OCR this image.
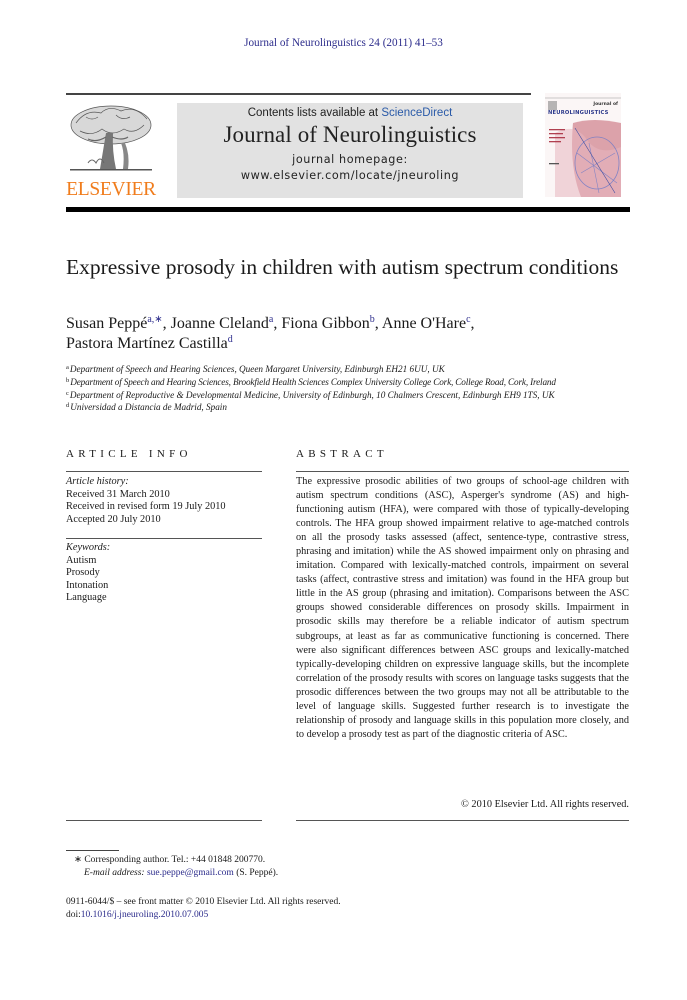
Journal of Neurolinguistics 24 (2011) 41–53
ELSEVIER
Contents lists available at ScienceDirect
Journal of Neurolinguistics
journal homepage: www.elsevier.com/locate/jneuroling
Journal of
NEUROLINGUISTICS
Expressive prosody in children with autism spectrum conditions
Susan Peppé$^{a,∗}$, Joanne Cleland$^a$, Fiona Gibbon$^b$, Anne O'Hare$^c$,
Pastora Martínez Castilla$^d$
$^a$Department of Speech and Hearing Sciences, Queen Margaret University, Edinburgh EH21 6UU, UK
$^b$Department of Speech and Hearing Sciences, Brookfield Health Sciences Complex University College Cork, College Road, Cork, Ireland
$^c$Department of Reproductive & Developmental Medicine, University of Edinburgh, 10 Chalmers Crescent, Edinburgh EH9 1TS, UK
$^d$Universidad a Distancia de Madrid, Spain
ARTICLE INFO
Article history:
Received 31 March 2010
Received in revised form 19 July 2010
Accepted 20 July 2010
Keywords:
Autism
Prosody
Intonation
Language
ABSTRACT

The expressive prosodic abilities of two groups of school-age children with autism spectrum conditions (ASC), Asperger's syndrome (AS) and high-functioning autism (HFA), were compared with those of typically-developing controls. The HFA group showed impairment relative to age-matched controls on all the prosody tasks assessed (affect, sentence-type, contrastive stress, phrasing and imitation) while the AS showed impairment only on phrasing and imitation. Compared with lexically-matched controls, impairment on several tasks (affect, contrastive stress and imitation) was found in the HFA group but little in the AS group (phrasing and imitation). Comparisons between the ASC groups showed considerable differences on prosody skills. Impairment in prosodic skills may therefore be a reliable indicator of autism spectrum subgroups, at least as far as communicative functioning is concerned. There were also significant differences between ASC groups and lexically-matched typically-developing children on expressive language skills, but the incomplete correlation of the prosody results with scores on language tasks suggests that the prosodic differences between the two groups may not all be attributable to the level of language skills. Suggested further research is to investigate the relationship of prosody and language skills in this population more closely, and to develop a prosody test as part of the diagnostic criteria of ASC.

© 2010 Elsevier Ltd. All rights reserved.
∗ Corresponding author. Tel.: +44 01848 200770.
E-mail address: sue.peppe@gmail.com (S. Peppé).
0911-6044/$ – see front matter © 2010 Elsevier Ltd. All rights reserved.
doi:10.1016/j.jneuroling.2010.07.005
